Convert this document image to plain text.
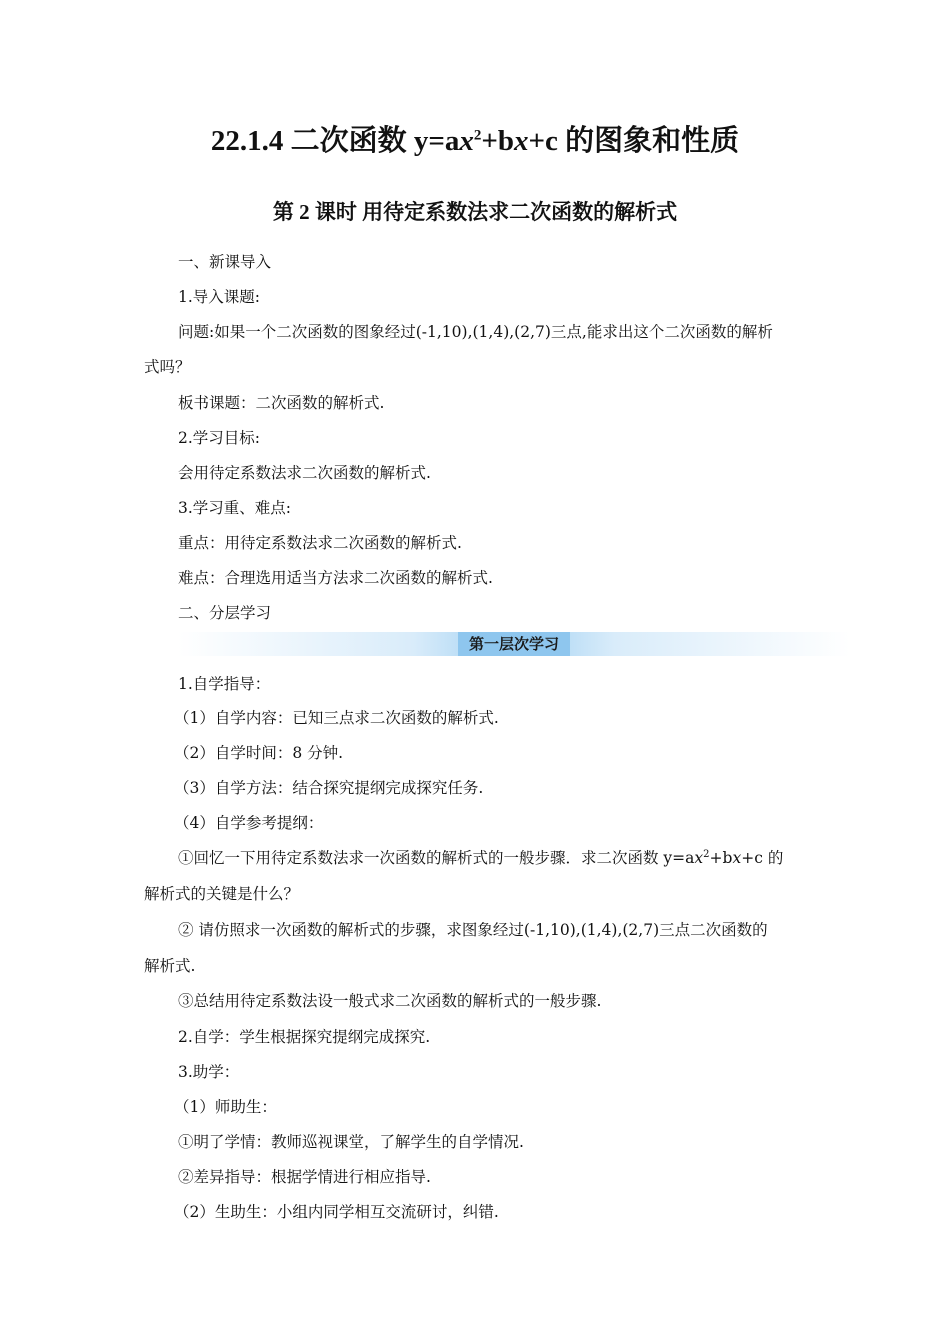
22.1.4 二次函数 $y=ax^2+bx+c$ 的图象和性质
第 2 课时 用待定系数法求二次函数的解析式
一、新课导入
1.导入课题:
问题:如果一个二次函数的图象经过(-1,10),(1,4),(2,7)三点,能求出这个二次函数的解析
式吗？
板书课题：二次函数的解析式.
2.学习目标:
会用待定系数法求二次函数的解析式.
3.学习重、难点:
重点：用待定系数法求二次函数的解析式.
难点：合理选用适当方法求二次函数的解析式.
二、分层学习
第一层次学习
1.自学指导：
（1）自学内容：已知三点求二次函数的解析式.
（2）自学时间：8 分钟.
（3）自学方法：结合探究提纲完成探究任务.
（4）自学参考提纲：
①回忆一下用待定系数法求一次函数的解析式的一般步骤．求二次函数 $y=ax^2+bx+c$ 的
解析式的关键是什么？
② 请仿照求一次函数的解析式的步骤，求图象经过(-1,10),(1,4),(2,7)三点二次函数的
解析式.
③总结用待定系数法设一般式求二次函数的解析式的一般步骤.
2.自学：学生根据探究提纲完成探究.
3.助学：
（1）师助生：
①明了学情：教师巡视课堂，了解学生的自学情况.
②差异指导：根据学情进行相应指导.
（2）生助生：小组内同学相互交流研讨，纠错.
